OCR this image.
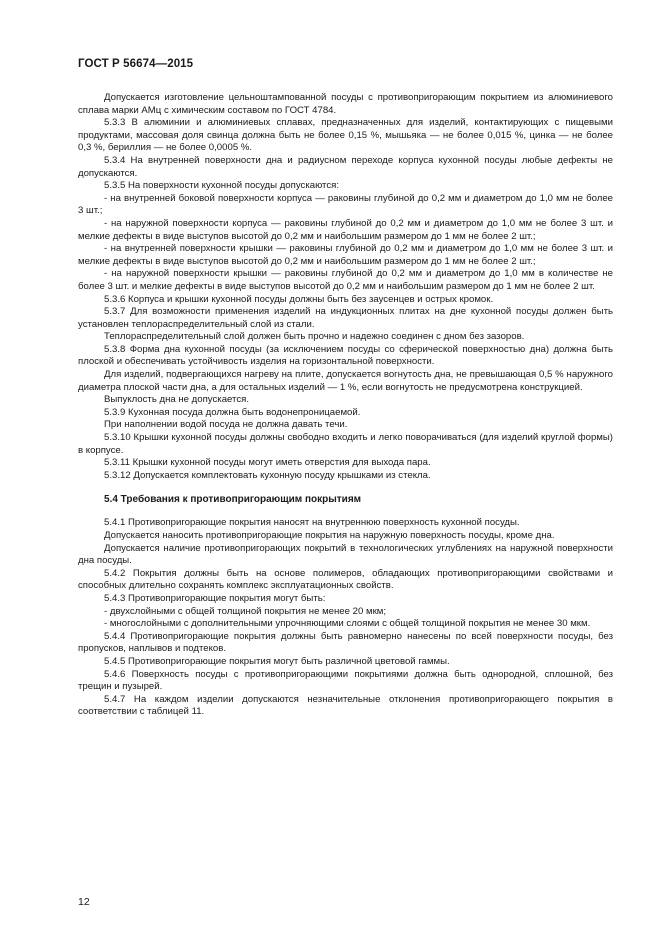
ГОСТ Р 56674—2015

Допускается изготовление цельноштампованной посуды с противопригорающим покрытием из алюминиевого сплава марки АМц с химическим составом по ГОСТ 4784.

5.3.3 В алюминии и алюминиевых сплавах, предназначенных для изделий, контактирующих с пищевыми продуктами, массовая доля свинца должна быть не более 0,15 %, мышьяка — не более 0,015 %, цинка — не более 0,3 %, бериллия — не более 0,0005 %.

5.3.4 На внутренней поверхности дна и радиусном переходе корпуса кухонной посуды любые дефекты не допускаются.

5.3.5 На поверхности кухонной посуды допускаются:

- на внутренней боковой поверхности корпуса — раковины глубиной до 0,2 мм и диаметром до 1,0 мм не более 3 шт.;

- на наружной поверхности корпуса — раковины глубиной до 0,2 мм и диаметром до 1,0 мм не более 3 шт. и мелкие дефекты в виде выступов высотой до 0,2 мм и наибольшим размером до 1 мм не более 2 шт.;

- на внутренней поверхности крышки — раковины глубиной до 0,2 мм и диаметром до 1,0 мм не более 3 шт. и мелкие дефекты в виде выступов высотой до 0,2 мм и наибольшим размером до 1 мм не более 2 шт.;

- на наружной поверхности крышки — раковины глубиной до 0,2 мм и диаметром до 1,0 мм в количестве не более 3 шт. и мелкие дефекты в виде выступов высотой до 0,2 мм и наибольшим размером до 1 мм не более 2 шт.

5.3.6 Корпуса и крышки кухонной посуды должны быть без заусенцев и острых кромок.

5.3.7 Для возможности применения изделий на индукционных плитах на дне кухонной посуды должен быть установлен теплораспределительный слой из стали.

Теплораспределительный слой должен быть прочно и надежно соединен с дном без зазоров.

5.3.8 Форма дна кухонной посуды (за исключением посуды со сферической поверхностью дна) должна быть плоской и обеспечивать устойчивость изделия на горизонтальной поверхности.

Для изделий, подвергающихся нагреву на плите, допускается вогнутость дна, не превышающая 0,5 % наружного диаметра плоской части дна, а для остальных изделий — 1 %, если вогнутость не предусмотрена конструкцией.

Выпуклость дна не допускается.

5.3.9 Кухонная посуда должна быть водонепроницаемой.

При наполнении водой посуда не должна давать течи.

5.3.10 Крышки кухонной посуды должны свободно входить и легко поворачиваться (для изделий круглой формы) в корпусе.

5.3.11 Крышки кухонной посуды могут иметь отверстия для выхода пара.

5.3.12 Допускается комплектовать кухонную посуду крышками из стекла.

5.4 Требования к противопригорающим покрытиям

5.4.1 Противопригорающие покрытия наносят на внутреннюю поверхность кухонной посуды.

Допускается наносить противопригорающие покрытия на наружную поверхность посуды, кроме дна.

Допускается наличие противопригорающих покрытий в технологических углублениях на наружной поверхности дна посуды.

5.4.2 Покрытия должны быть на основе полимеров, обладающих противопригорающими свойствами и способных длительно сохранять комплекс эксплуатационных свойств.

5.4.3 Противопригорающие покрытия могут быть:

- двухслойными с общей толщиной покрытия не менее 20 мкм;

- многослойными с дополнительными упрочняющими слоями с общей толщиной покрытия не менее 30 мкм.

5.4.4 Противопригорающие покрытия должны быть равномерно нанесены по всей поверхности посуды, без пропусков, наплывов и подтеков.

5.4.5 Противопригорающие покрытия могут быть различной цветовой гаммы.

5.4.6 Поверхность посуды с противопригорающими покрытиями должна быть однородной, сплошной, без трещин и пузырей.

5.4.7 На каждом изделии допускаются незначительные отклонения противопригорающего покрытия в соответствии с таблицей 11.

12
